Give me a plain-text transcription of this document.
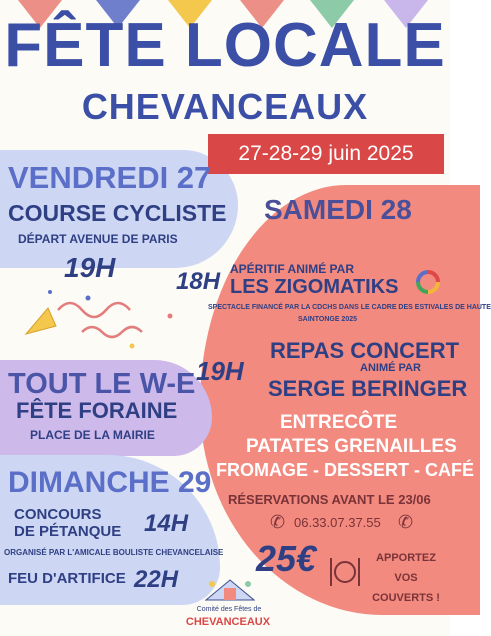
FÊTE LOCALE
CHEVANCEAUX
27-28-29 juin 2025
VENDREDI 27
COURSE CYCLISTE
DÉPART AVENUE DE PARIS
19H
TOUT LE W-E
FÊTE FORAINE
PLACE DE LA MAIRIE
DIMANCHE 29
CONCOURS DE PÉTANQUE 14H
ORGANISÉ PAR L'AMICALE BOULISTE CHEVANCELAISE
FEU D'ARTIFICE 22H
SAMEDI 28
18H APÉRITIF ANIMÉ PAR
LES ZIGOMATIKS
SPECTACLE FINANCÉ PAR LA CDCHS DANS LE CADRE DES ESTIVALES DE HAUTE
SAINTONGE 2025
19H
REPAS CONCERT
ANIMÉ PAR
SERGE BERINGER
ENTRECÔTE
PATATES GRENAILLES
FROMAGE - DESSERT - CAFÉ
RÉSERVATIONS AVANT LE 23/06
✆ 06.33.07.37.55 ✆
25€	APPORTEZ VOS COUVERTS !
Comité des Fêtes de
CHEVANCEAUX
